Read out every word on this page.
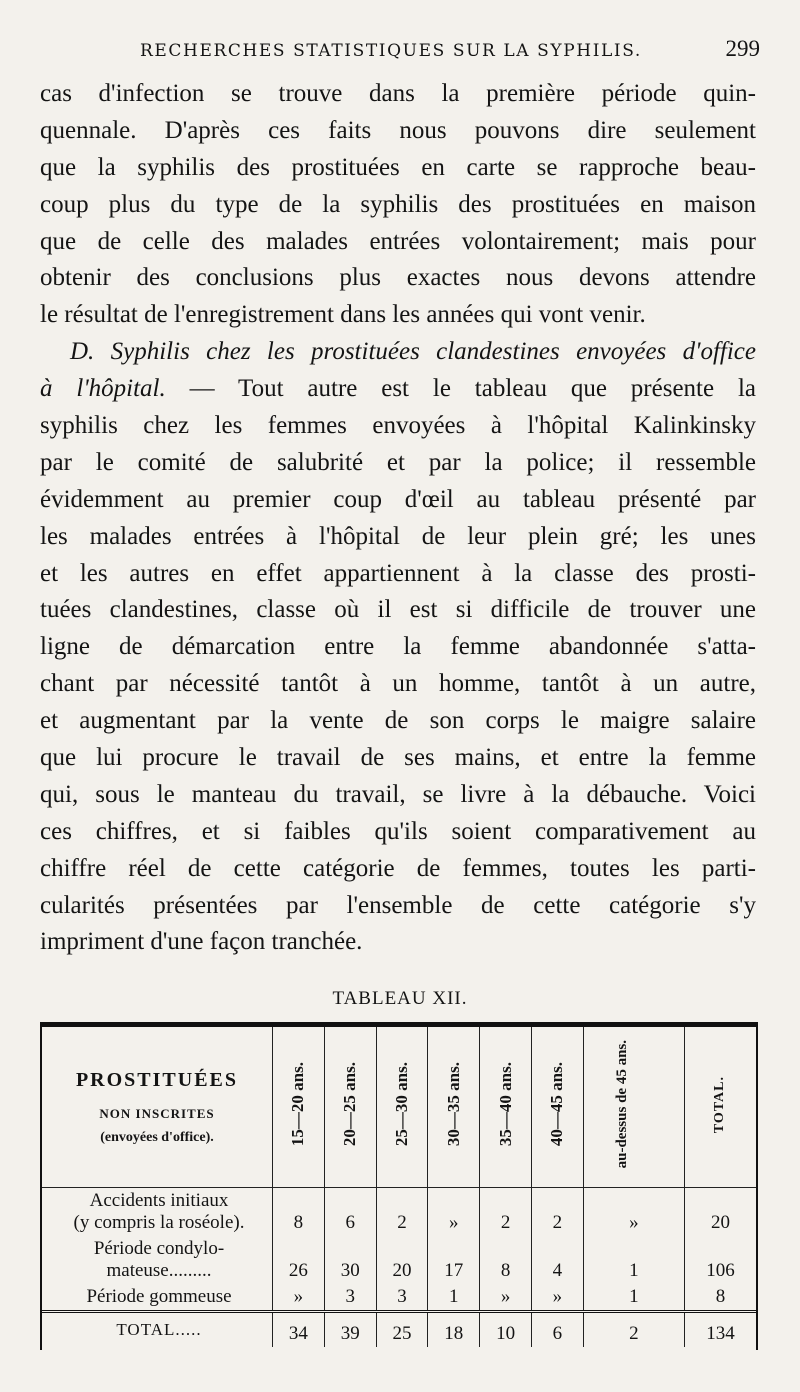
RECHERCHES STATISTIQUES SUR LA SYPHILIS.	299
cas d'infection se trouve dans la première période quin-
quennale. D'après ces faits nous pouvons dire seulement
que la syphilis des prostituées en carte se rapproche beau-
coup plus du type de la syphilis des prostituées en maison
que de celle des malades entrées volontairement; mais pour
obtenir des conclusions plus exactes nous devons attendre
le résultat de l'enregistrement dans les années qui vont venir.
D. Syphilis chez les prostituées clandestines envoyées d'office
à l'hôpital. — Tout autre est le tableau que présente la
syphilis chez les femmes envoyées à l'hôpital Kalinkinsky
par le comité de salubrité et par la police; il ressemble
évidemment au premier coup d'œil au tableau présenté par
les malades entrées à l'hôpital de leur plein gré; les unes
et les autres en effet appartiennent à la classe des prosti-
tuées clandestines, classe où il est si difficile de trouver une
ligne de démarcation entre la femme abandonnée s'atta-
chant par nécessité tantôt à un homme, tantôt à un autre,
et augmentant par la vente de son corps le maigre salaire
que lui procure le travail de ses mains, et entre la femme
qui, sous le manteau du travail, se livre à la débauche. Voici
ces chiffres, et si faibles qu'ils soient comparativement au
chiffre réel de cette catégorie de femmes, toutes les parti-
cularités présentées par l'ensemble de cette catégorie s'y
impriment d'une façon tranchée.
TABLEAU XII.
PROSTITUÉES
NON INSCRITES
(envoyées d'office).	15—20 ans.	20—25 ans.	25—30 ans.	30—35 ans.	35—40 ans.	40—45 ans.	au-dessus de 45 ans.	TOTAL.
Accidents initiaux
(y compris la roséole).	8	6	2	»	2	2	»	20
Période condylo-
mateuse.........	26	30	20	17	8	4	1	106
Période gommeuse	»	3	3	1	»	»	1	8
TOTAL.....	34	39	25	18	10	6	2	134
